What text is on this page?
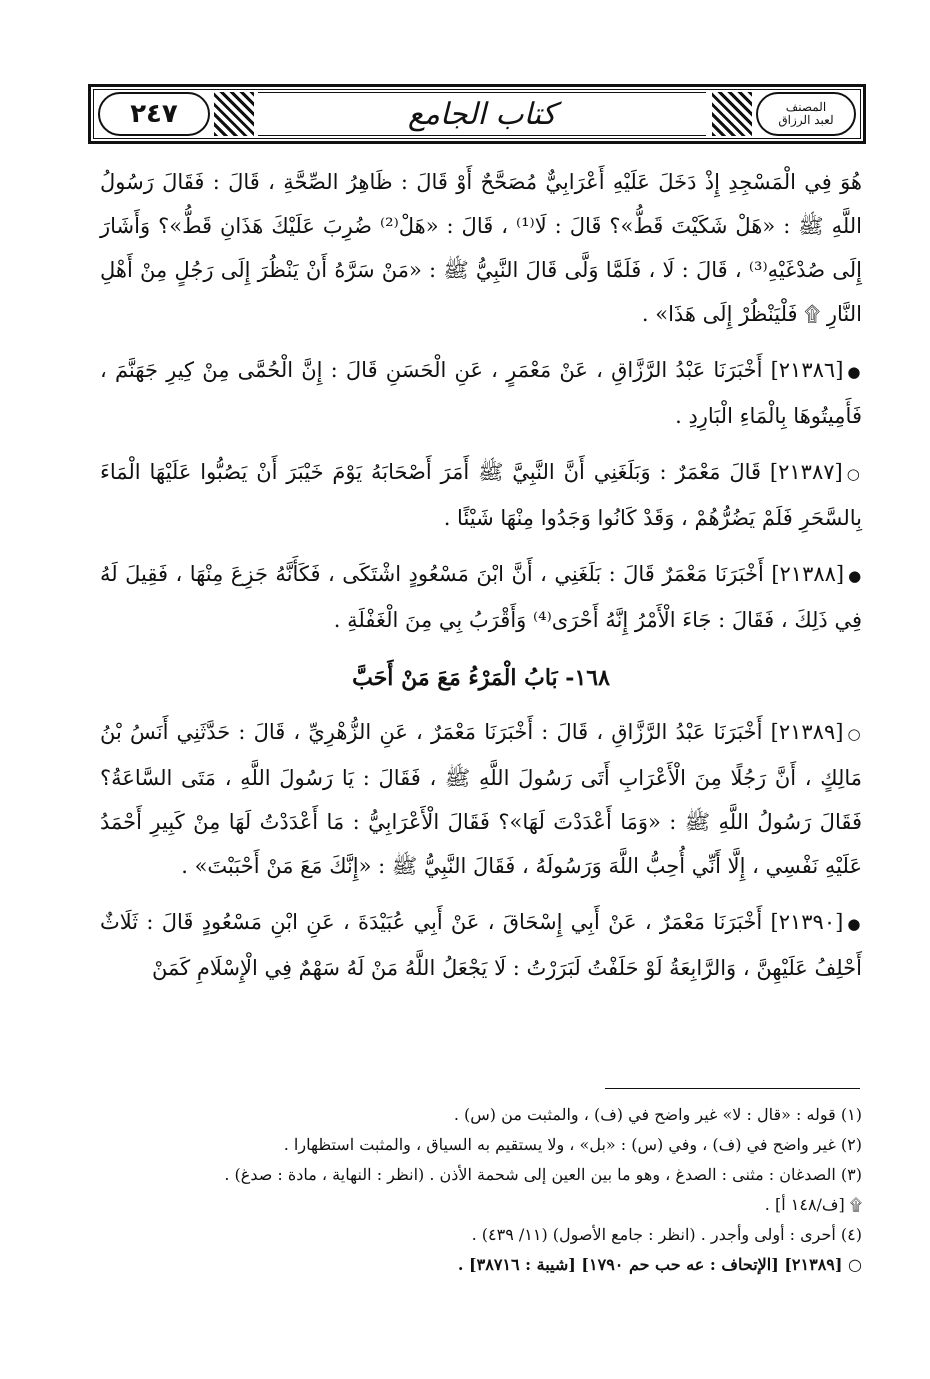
٢٤٧	كتاب الجامع	المصنف
لعبد الرزاق

هُوَ فِي الْمَسْجِدِ إِذْ دَخَلَ عَلَيْهِ أَعْرَابِيٌّ مُصَحَّحٌ أَوْ قَالَ : ظَاهِرُ الصِّحَّةِ ، قَالَ : فَقَالَ رَسُولُ اللَّهِ ﷺ : «هَلْ شَكَيْتَ قَطُّ»؟ قَالَ : لَا⁽¹⁾ ، قَالَ : «هَلْ⁽²⁾ ضُرِبَ عَلَيْكَ هَذَانِ قَطُّ»؟ وَأَشَارَ إِلَى صُدْغَيْهِ⁽³⁾ ، قَالَ : لَا ، فَلَمَّا وَلَّى قَالَ النَّبِيُّ ﷺ : «مَنْ سَرَّهُ أَنْ يَنْظُرَ إِلَى رَجُلٍ مِنْ أَهْلِ النَّارِ ۩ فَلْيَنْظُرْ إِلَى هَذَا» .

●[٢١٣٨٦] أَخْبَرَنَا عَبْدُ الرَّزَّاقِ ، عَنْ مَعْمَرٍ ، عَنِ الْحَسَنِ قَالَ : إِنَّ الْحُمَّى مِنْ كِيرِ جَهَنَّمَ ، فَأَمِيتُوهَا بِالْمَاءِ الْبَارِدِ .

○[٢١٣٨٧] قَالَ مَعْمَرٌ : وَبَلَغَنِي أَنَّ النَّبِيَّ ﷺ أَمَرَ أَصْحَابَهُ يَوْمَ خَيْبَرَ أَنْ يَصُبُّوا عَلَيْهَا الْمَاءَ بِالسَّحَرِ فَلَمْ يَضُرُّهُمْ ، وَقَدْ كَانُوا وَجَدُوا مِنْهَا شَيْئًا .

●[٢١٣٨٨] أَخْبَرَنَا مَعْمَرٌ قَالَ : بَلَغَنِي ، أَنَّ ابْنَ مَسْعُودٍ اشْتَكَى ، فَكَأَنَّهُ جَزِعَ مِنْهَا ، فَقِيلَ لَهُ فِي ذَلِكَ ، فَقَالَ : جَاءَ الْأَمْرُ إِنَّهُ أَحْرَى⁽⁴⁾ وَأَقْرَبُ بِي مِنَ الْغَفْلَةِ .

١٦٨- بَابُ الْمَرْءُ مَعَ مَنْ أَحَبَّ

○[٢١٣٨٩] أَخْبَرَنَا عَبْدُ الرَّزَّاقِ ، قَالَ : أَخْبَرَنَا مَعْمَرٌ ، عَنِ الزُّهْرِيِّ ، قَالَ : حَدَّثَنِي أَنَسُ بْنُ مَالِكٍ ، أَنَّ رَجُلًا مِنَ الْأَعْرَابِ أَتَى رَسُولَ اللَّهِ ﷺ ، فَقَالَ : يَا رَسُولَ اللَّهِ ، مَتَى السَّاعَةُ؟ فَقَالَ رَسُولُ اللَّهِ ﷺ : «وَمَا أَعْدَدْتَ لَهَا»؟ فَقَالَ الْأَعْرَابِيُّ : مَا أَعْدَدْتُ لَهَا مِنْ كَبِيرِ أَحْمَدُ عَلَيْهِ نَفْسِي ، إِلَّا أَنِّي أُحِبُّ اللَّهَ وَرَسُولَهُ ، فَقَالَ النَّبِيُّ ﷺ : «إِنَّكَ مَعَ مَنْ أَحْبَبْتَ» .

●[٢١٣٩٠] أَخْبَرَنَا مَعْمَرٌ ، عَنْ أَبِي إِسْحَاقَ ، عَنْ أَبِي عُبَيْدَةَ ، عَنِ ابْنِ مَسْعُودٍ قَالَ : ثَلَاثٌ أَحْلِفُ عَلَيْهِنَّ ، وَالرَّابِعَةُ لَوْ حَلَفْتُ لَبَرَرْتُ : لَا يَجْعَلُ اللَّهُ مَنْ لَهُ سَهْمٌ فِي الْإِسْلَامِ كَمَنْ

(١) قوله : «قال : لا» غير واضح في (ف) ، والمثبت من (س) .

(٢) غير واضح في (ف) ، وفي (س) : «بل» ، ولا يستقيم به السياق ، والمثبت استظهارا .

(٣) الصدغان : مثنى : الصدغ ، وهو ما بين العين إلى شحمة الأذن . (انظر : النهاية ، مادة : صدغ) .

۩ [ف/١٤٨ أ] .

(٤) أحرى : أولى وأجدر . (انظر : جامع الأصول) (١١/ ٤٣٩) .

○ [٢١٣٨٩] [الإتحاف : عه حب حم ١٧٩٠] [شيبة : ٣٨٧١٦] .
